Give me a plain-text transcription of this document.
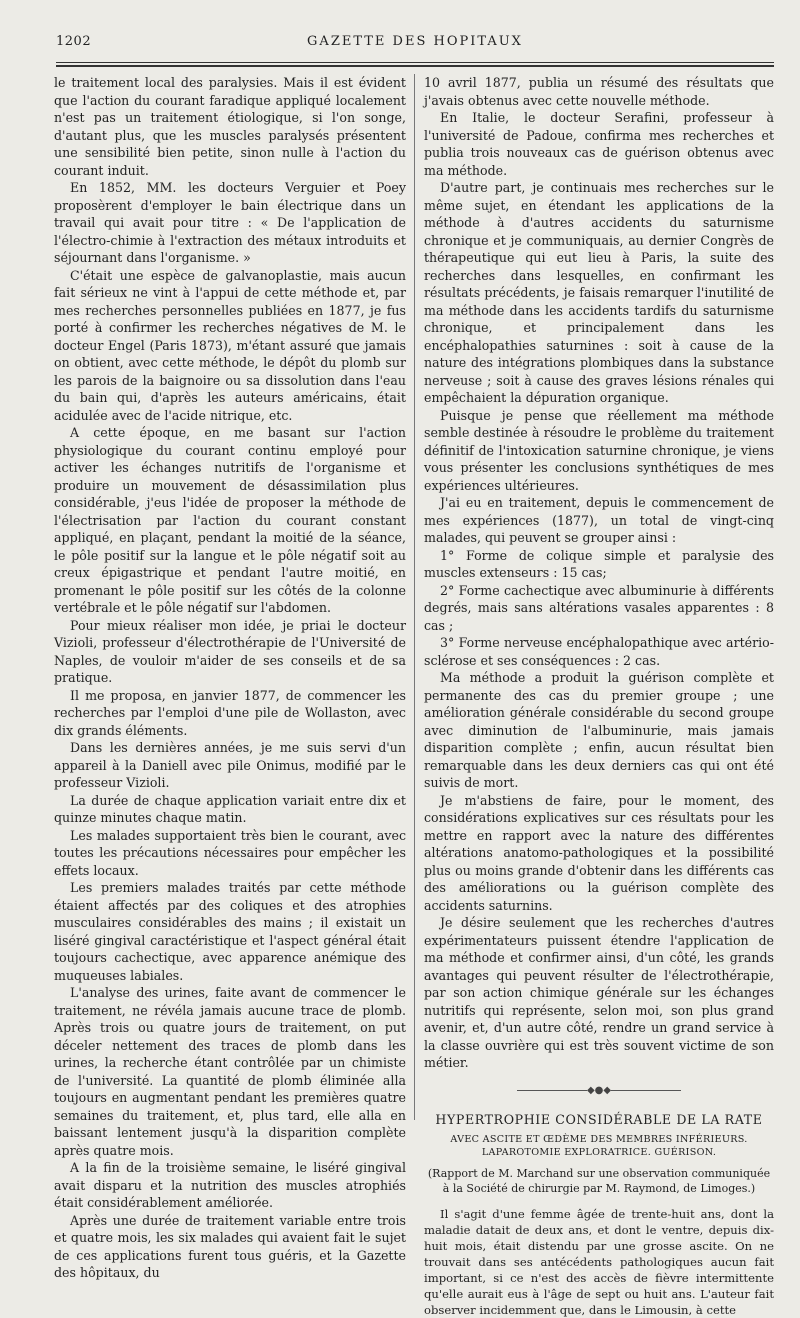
1202	GAZETTE DES HOPITAUX

le traitement local des paralysies. Mais il est évident que l'action du courant faradique appliqué localement n'est pas un traitement étiologique, si l'on songe, d'autant plus, que les muscles paralysés présentent une sensibilité bien petite, sinon nulle à l'action du courant induit.

En 1852, MM. les docteurs Verguier et Poey proposèrent d'employer le bain électrique dans un travail qui avait pour titre : « De l'application de l'électro-chimie à l'extraction des métaux introduits et séjournant dans l'organisme. »

C'était une espèce de galvanoplastie, mais aucun fait sérieux ne vint à l'appui de cette méthode et, par mes recherches personnelles publiées en 1877, je fus porté à confirmer les recherches négatives de M. le docteur Engel (Paris 1873), m'étant assuré que jamais on obtient, avec cette méthode, le dépôt du plomb sur les parois de la baignoire ou sa dissolution dans l'eau du bain qui, d'après les auteurs américains, était acidulée avec de l'acide nitrique, etc.

A cette époque, en me basant sur l'action physiologique du courant continu employé pour activer les échanges nutritifs de l'organisme et produire un mouvement de désassimilation plus considérable, j'eus l'idée de proposer la méthode de l'électrisation par l'action du courant constant appliqué, en plaçant, pendant la moitié de la séance, le pôle positif sur la langue et le pôle négatif soit au creux épigastrique et pendant l'autre moitié, en promenant le pôle positif sur les côtés de la colonne vertébrale et le pôle négatif sur l'abdomen.

Pour mieux réaliser mon idée, je priai le docteur Vizioli, professeur d'électrothérapie de l'Université de Naples, de vouloir m'aider de ses conseils et de sa pratique.

Il me proposa, en janvier 1877, de commencer les recherches par l'emploi d'une pile de Wollaston, avec dix grands éléments.

Dans les dernières années, je me suis servi d'un appareil à la Daniell avec pile Onimus, modifié par le professeur Vizioli.

La durée de chaque application variait entre dix et quinze minutes chaque matin.

Les malades supportaient très bien le courant, avec toutes les précautions nécessaires pour empêcher les effets locaux.

Les premiers malades traités par cette méthode étaient affectés par des coliques et des atrophies musculaires considérables des mains ; il existait un liséré gingival caractéristique et l'aspect général était toujours cachectique, avec apparence anémique des muqueuses labiales.

L'analyse des urines, faite avant de commencer le traitement, ne révéla jamais aucune trace de plomb. Après trois ou quatre jours de traitement, on put déceler nettement des traces de plomb dans les urines, la recherche étant contrôlée par un chimiste de l'université. La quantité de plomb éliminée alla toujours en augmentant pendant les premières quatre semaines du traitement, et, plus tard, elle alla en baissant lentement jusqu'à la disparition complète après quatre mois.

A la fin de la troisième semaine, le liséré gingival avait disparu et la nutrition des muscles atrophiés était considérablement améliorée.

Après une durée de traitement variable entre trois et quatre mois, les six malades qui avaient fait le sujet de ces applications furent tous guéris, et la Gazette des hôpitaux, du

10 avril 1877, publia un résumé des résultats que j'avais obtenus avec cette nouvelle méthode.

En Italie, le docteur Serafini, professeur à l'université de Padoue, confirma mes recherches et publia trois nouveaux cas de guérison obtenus avec ma méthode.

D'autre part, je continuais mes recherches sur le même sujet, en étendant les applications de la méthode à d'autres accidents du saturnisme chronique et je communiquais, au dernier Congrès de thérapeutique qui eut lieu à Paris, la suite des recherches dans lesquelles, en confirmant les résultats précédents, je faisais remarquer l'inutilité de ma méthode dans les accidents tardifs du saturnisme chronique, et principalement dans les encéphalopathies saturnines : soit à cause de la nature des intégrations plombiques dans la substance nerveuse ; soit à cause des graves lésions rénales qui empêchaient la dépuration organique.

Puisque je pense que réellement ma méthode semble destinée à résoudre le problème du traitement définitif de l'intoxication saturnine chronique, je viens vous présenter les conclusions synthétiques de mes expériences ultérieures.

J'ai eu en traitement, depuis le commencement de mes expériences (1877), un total de vingt-cinq malades, qui peuvent se grouper ainsi :

1° Forme de colique simple et paralysie des muscles extenseurs : 15 cas;

2° Forme cachectique avec albuminurie à différents degrés, mais sans altérations vasales apparentes : 8 cas ;

3° Forme nerveuse encéphalopathique avec artério-sclérose et ses conséquences : 2 cas.

Ma méthode a produit la guérison complète et permanente des cas du premier groupe ; une amélioration générale considérable du second groupe avec diminution de l'albuminurie, mais jamais disparition complète ; enfin, aucun résultat bien remarquable dans les deux derniers cas qui ont été suivis de mort.

Je m'abstiens de faire, pour le moment, des considérations explicatives sur ces résultats pour les mettre en rapport avec la nature des différentes altérations anatomo-pathologiques et la possibilité plus ou moins grande d'obtenir dans les différents cas des améliorations ou la guérison complète des accidents saturnins.

Je désire seulement que les recherches d'autres expérimentateurs puissent étendre l'application de ma méthode et confirmer ainsi, d'un côté, les grands avantages qui peuvent résulter de l'électrothérapie, par son action chimique générale sur les échanges nutritifs qui représente, selon moi, son plus grand avenir, et, d'un autre côté, rendre un grand service à la classe ouvrière qui est très souvent victime de son métier.

◆●◆
HYPERTROPHIE CONSIDÉRABLE DE LA RATE
AVEC ASCITE ET ŒDÈME DES MEMBRES INFÉRIEURS. LAPAROTOMIE EXPLORATRICE. GUÉRISON.
(Rapport de M. Marchand sur une observation communiquée à la Société de chirurgie par M. Raymond, de Limoges.)

Il s'agit d'une femme âgée de trente-huit ans, dont la maladie datait de deux ans, et dont le ventre, depuis dix-huit mois, était distendu par une grosse ascite. On ne trouvait dans ses antécédents pathologiques aucun fait important, si ce n'est des accès de fièvre intermittente qu'elle aurait eus à l'âge de sept ou huit ans. L'auteur fait observer incidemment que, dans le Limousin, à cette
